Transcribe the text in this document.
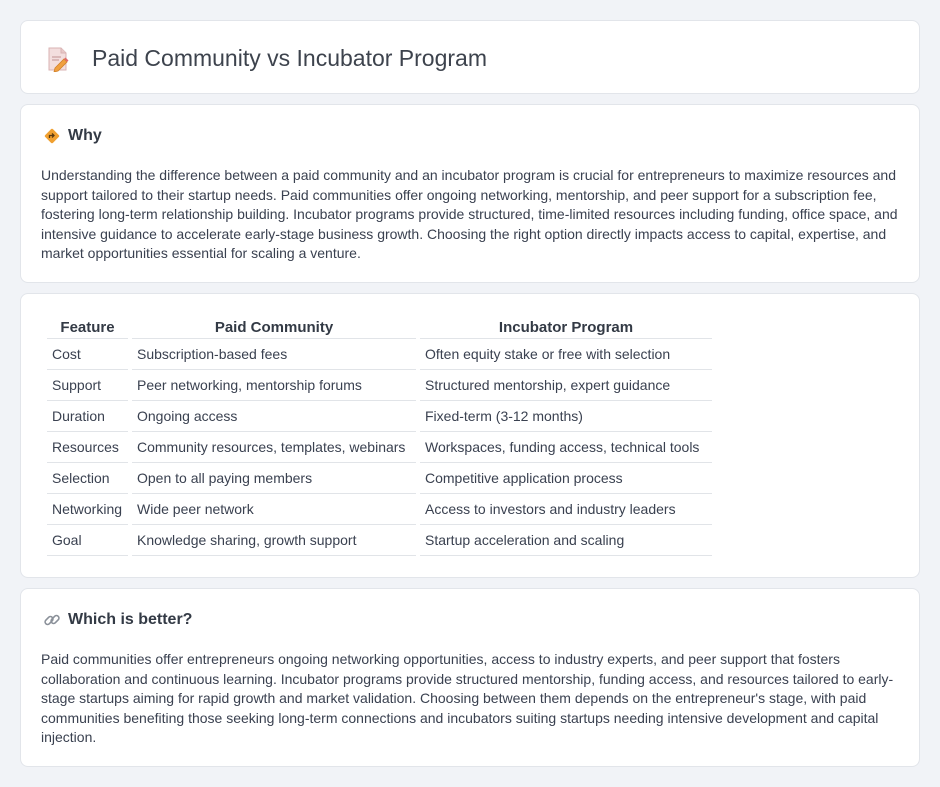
Paid Community vs Incubator Program
Why

Understanding the difference between a paid community and an incubator program is crucial for entrepreneurs to maximize resources and support tailored to their startup needs. Paid communities offer ongoing networking, mentorship, and peer support for a subscription fee, fostering long-term relationship building. Incubator programs provide structured, time-limited resources including funding, office space, and intensive guidance to accelerate early-stage business growth. Choosing the right option directly impacts access to capital, expertise, and market opportunities essential for scaling a venture.

Feature	Paid Community	Incubator Program
Cost	Subscription-based fees	Often equity stake or free with selection
Support	Peer networking, mentorship forums	Structured mentorship, expert guidance
Duration	Ongoing access	Fixed-term (3-12 months)
Resources	Community resources, templates, webinars	Workspaces, funding access, technical tools
Selection	Open to all paying members	Competitive application process
Networking	Wide peer network	Access to investors and industry leaders
Goal	Knowledge sharing, growth support	Startup acceleration and scaling
Which is better?

Paid communities offer entrepreneurs ongoing networking opportunities, access to industry experts, and peer support that fosters collaboration and continuous learning. Incubator programs provide structured mentorship, funding access, and resources tailored to early-stage startups aiming for rapid growth and market validation. Choosing between them depends on the entrepreneur's stage, with paid communities benefiting those seeking long-term connections and incubators suiting startups needing intensive development and capital injection.
